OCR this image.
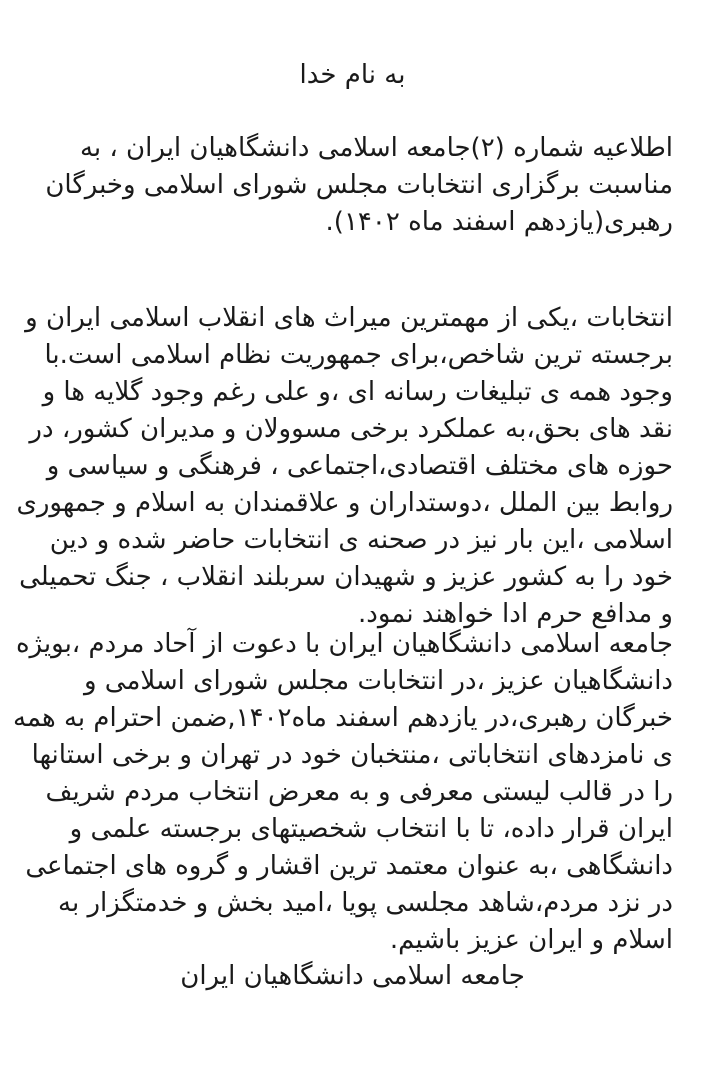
به نام خدا
اطلاعیه شماره (۲)جامعه اسلامی دانشگاهیان ایران ، به
مناسبت برگزاری انتخابات مجلس شورای اسلامی وخبرگان
رهبری(یازدهم اسفند ماه ۱۴۰۲).
انتخابات ،یکی از مهمترین میراث های انقلاب اسلامی ایران و
برجسته ترین شاخص،برای جمهوریت نظام اسلامی است.با
وجود همه ی تبلیغات رسانه ای ،و علی رغم وجود گلایه ها و
نقد های بحق،به عملکرد برخی مسوولان و مدیران کشور، در
حوزه های مختلف اقتصادی،اجتماعی ، فرهنگی و سیاسی و
روابط بین الملل ،دوستداران و علاقمندان به اسلام و جمهوری
اسلامی ،این بار نیز در صحنه ی انتخابات حاضر شده و دین
خود را به کشور عزیز و شهیدان سربلند انقلاب ، جنگ تحمیلی
و مدافع حرم ادا خواهند نمود.
جامعه اسلامی دانشگاهیان ایران با دعوت از آحاد مردم ،بویژه
دانشگاهیان عزیز ،در انتخابات مجلس شورای اسلامی و
خبرگان رهبری،در یازدهم اسفند ماه۱۴۰۲,ضمن احترام به همه
ی نامزدهای انتخاباتی ،منتخبان خود در تهران و برخی استانها
را در قالب لیستی معرفی و به معرض انتخاب مردم شریف
ایران قرار داده، تا با انتخاب شخصیتهای برجسته علمی و
دانشگاهی ،به عنوان معتمد ترین اقشار و گروه های اجتماعی
در نزد مردم،شاهد مجلسی پویا ،امید بخش و خدمتگزار به
اسلام و ایران عزیز باشیم.
جامعه اسلامی دانشگاهیان ایران
